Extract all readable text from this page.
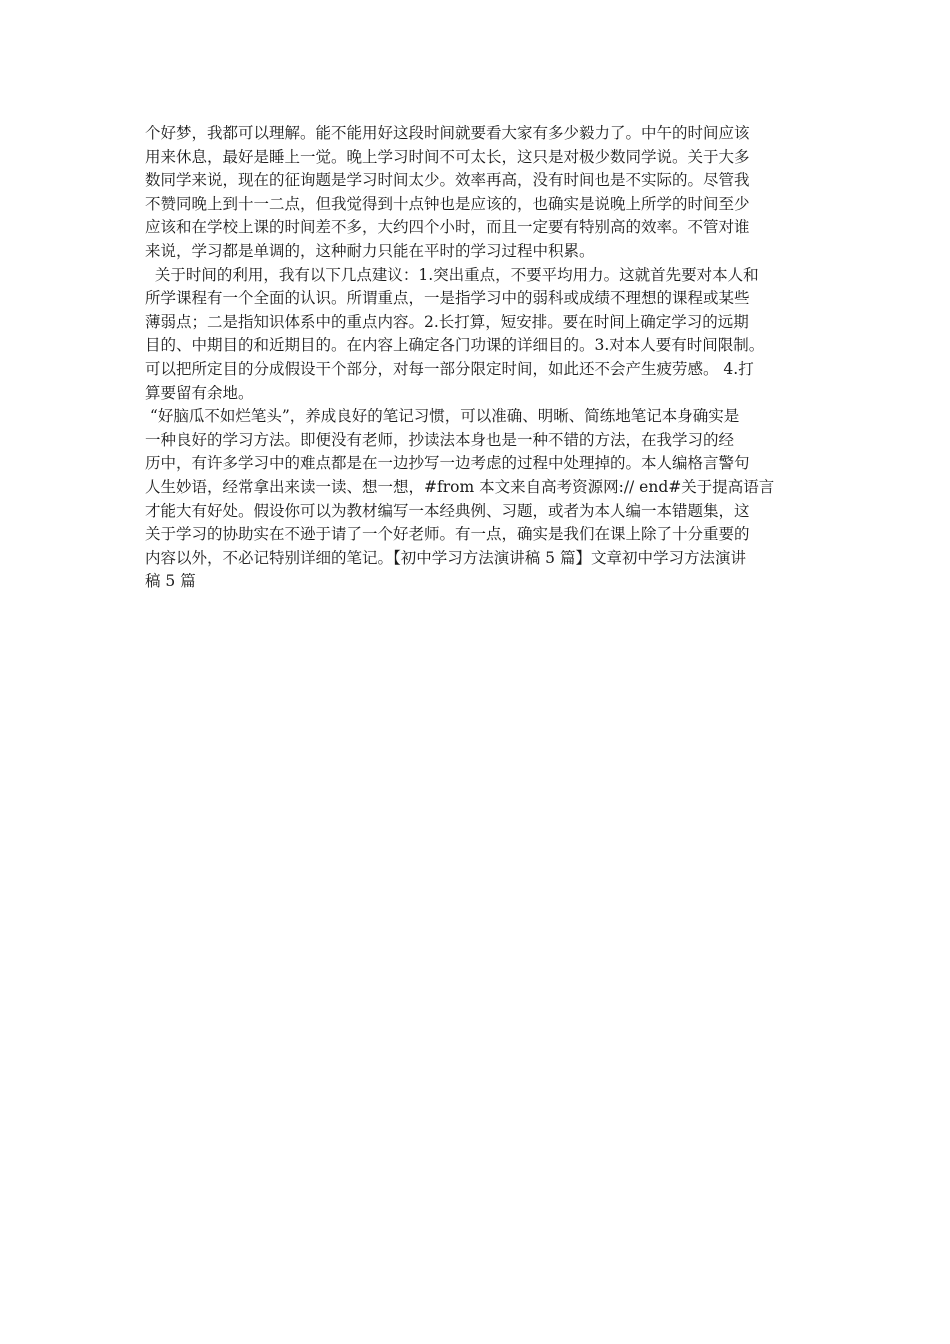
个好梦，我都可以理解。能不能用好这段时间就要看大家有多少毅力了。中午的时间应该
用来休息，最好是睡上一觉。晚上学习时间不可太长，这只是对极少数同学说。关于大多
数同学来说，现在的征询题是学习时间太少。效率再高，没有时间也是不实际的。尽管我
不赞同晚上到十一二点，但我觉得到十点钟也是应该的，也确实是说晚上所学的时间至少
应该和在学校上课的时间差不多，大约四个小时，而且一定要有特别高的效率。不管对谁
来说，学习都是单调的，这种耐力只能在平时的学习过程中积累。
关于时间的利用，我有以下几点建议：1.突出重点，不要平均用力。这就首先要对本人和
所学课程有一个全面的认识。所谓重点，一是指学习中的弱科或成绩不理想的课程或某些
薄弱点；二是指知识体系中的重点内容。2.长打算，短安排。要在时间上确定学习的远期
目的、中期目的和近期目的。在内容上确定各门功课的详细目的。3.对本人要有时间限制。
可以把所定目的分成假设干个部分，对每一部分限定时间，如此还不会产生疲劳感。 4.打
算要留有余地。
“好脑瓜不如烂笔头”，养成良好的笔记习惯，可以准确、明晰、简练地笔记本身确实是
一种良好的学习方法。即便没有老师，抄读法本身也是一种不错的方法，在我学习的经
历中，有许多学习中的难点都是在一边抄写一边考虑的过程中处理掉的。本人编格言警句
人生妙语，经常拿出来读一读、想一想，#from 本文来自高考资源网:// end#关于提高语言
才能大有好处。假设你可以为教材编写一本经典例、习题，或者为本人编一本错题集，这
关于学习的协助实在不逊于请了一个好老师。有一点，确实是我们在课上除了十分重要的
内容以外，不必记特别详细的笔记。【初中学习方法演讲稿 5 篇】文章初中学习方法演讲
稿 5 篇
